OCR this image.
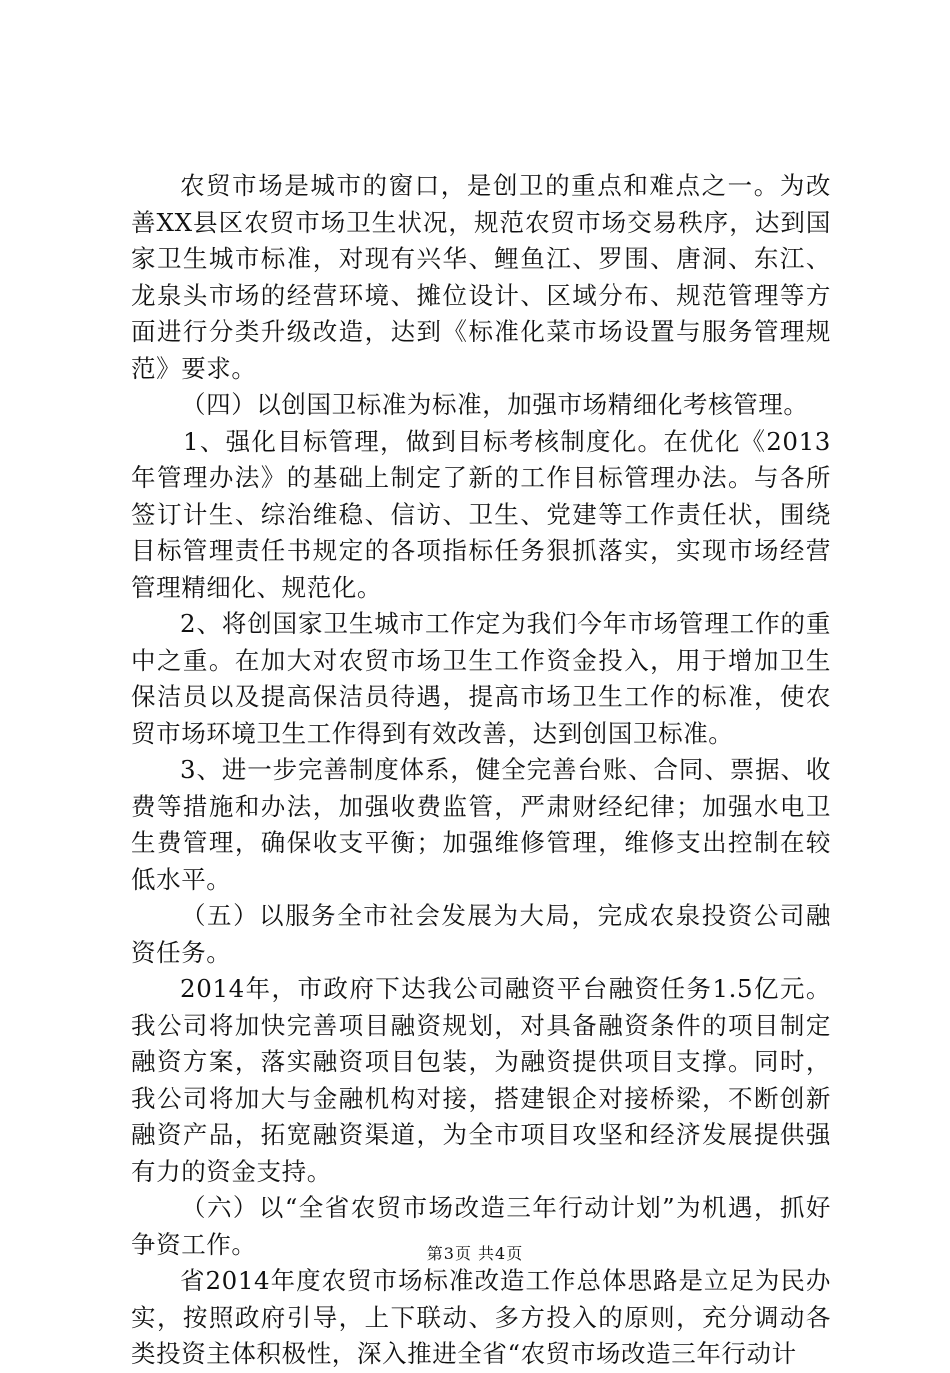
农贸市场是城市的窗口，是创卫的重点和难点之一。为改善XX县区农贸市场卫生状况，规范农贸市场交易秩序，达到国家卫生城市标准，对现有兴华、鲤鱼江、罗围、唐洞、东江、龙泉头市场的经营环境、摊位设计、区域分布、规范管理等方面进行分类升级改造，达到《标准化菜市场设置与服务管理规范》要求。

（四）以创国卫标准为标准，加强市场精细化考核管理。

1、强化目标管理，做到目标考核制度化。在优化《2013年管理办法》的基础上制定了新的工作目标管理办法。与各所签订计生、综治维稳、信访、卫生、党建等工作责任状，围绕目标管理责任书规定的各项指标任务狠抓落实，实现市场经营管理精细化、规范化。

2、将创国家卫生城市工作定为我们今年市场管理工作的重中之重。在加大对农贸市场卫生工作资金投入，用于增加卫生保洁员以及提高保洁员待遇，提高市场卫生工作的标准，使农贸市场环境卫生工作得到有效改善，达到创国卫标准。

3、进一步完善制度体系，健全完善台账、合同、票据、收费等措施和办法，加强收费监管，严肃财经纪律；加强水电卫生费管理，确保收支平衡；加强维修管理，维修支出控制在较低水平。

（五）以服务全市社会发展为大局，完成农泉投资公司融资任务。

2014年，市政府下达我公司融资平台融资任务1.5亿元。我公司将加快完善项目融资规划，对具备融资条件的项目制定融资方案，落实融资项目包装，为融资提供项目支撑。同时，我公司将加大与金融机构对接，搭建银企对接桥梁，不断创新融资产品，拓宽融资渠道，为全市项目攻坚和经济发展提供强有力的资金支持。

（六）以“全省农贸市场改造三年行动计划”为机遇，抓好争资工作。

省2014年度农贸市场标准改造工作总体思路是立足为民办实，按照政府引导，上下联动、多方投入的原则，充分调动各类投资主体积极性，深入推进全省“农贸市场改造三年行动计

第3页 共4页
